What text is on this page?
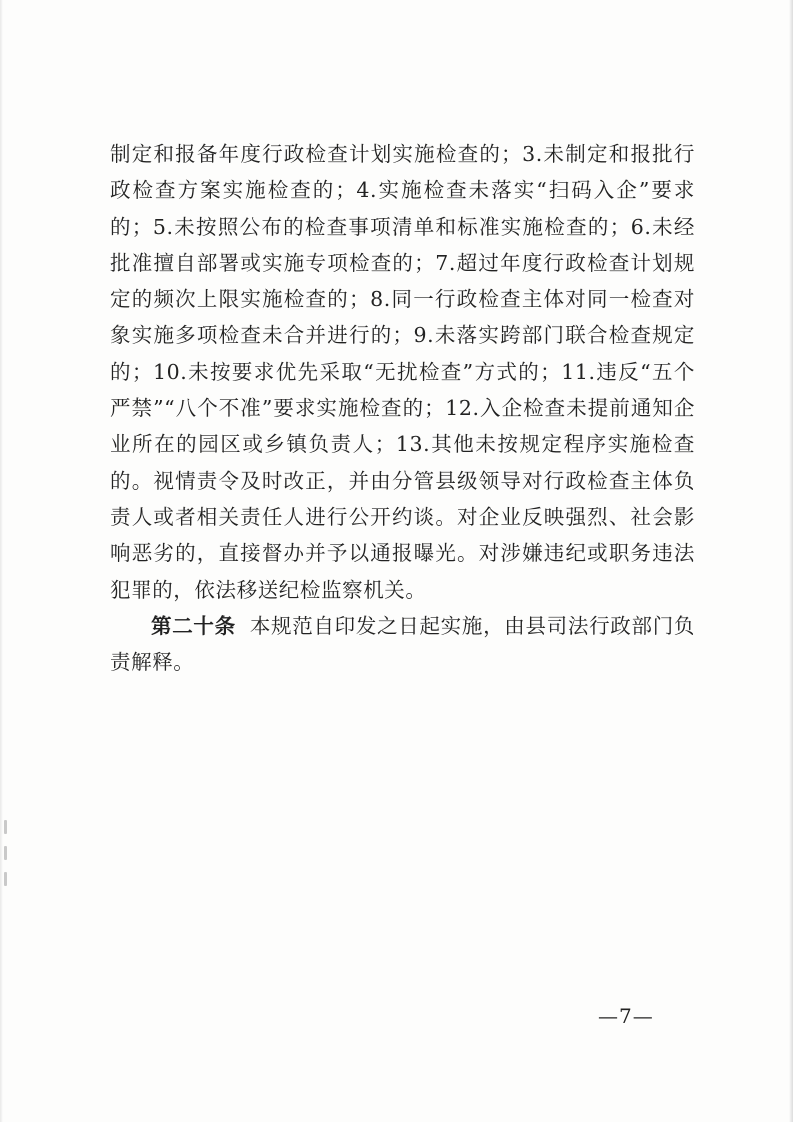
制定和报备年度行政检查计划实施检查的；3.未制定和报批行政检查方案实施检查的；4.实施检查未落实“扫码入企”要求的；5.未按照公布的检查事项清单和标准实施检查的；6.未经批准擅自部署或实施专项检查的；7.超过年度行政检查计划规定的频次上限实施检查的；8.同一行政检查主体对同一检查对象实施多项检查未合并进行的；9.未落实跨部门联合检查规定的；10.未按要求优先采取“无扰检查”方式的；11.违反“五个严禁”“八个不准”要求实施检查的；12.入企检查未提前通知企业所在的园区或乡镇负责人；13.其他未按规定程序实施检查的。视情责令及时改正，并由分管县级领导对行政检查主体负责人或者相关责任人进行公开约谈。对企业反映强烈、社会影响恶劣的，直接督办并予以通报曝光。对涉嫌违纪或职务违法犯罪的，依法移送纪检监察机关。

第二十条 本规范自印发之日起实施，由县司法行政部门负责解释。

—7—
